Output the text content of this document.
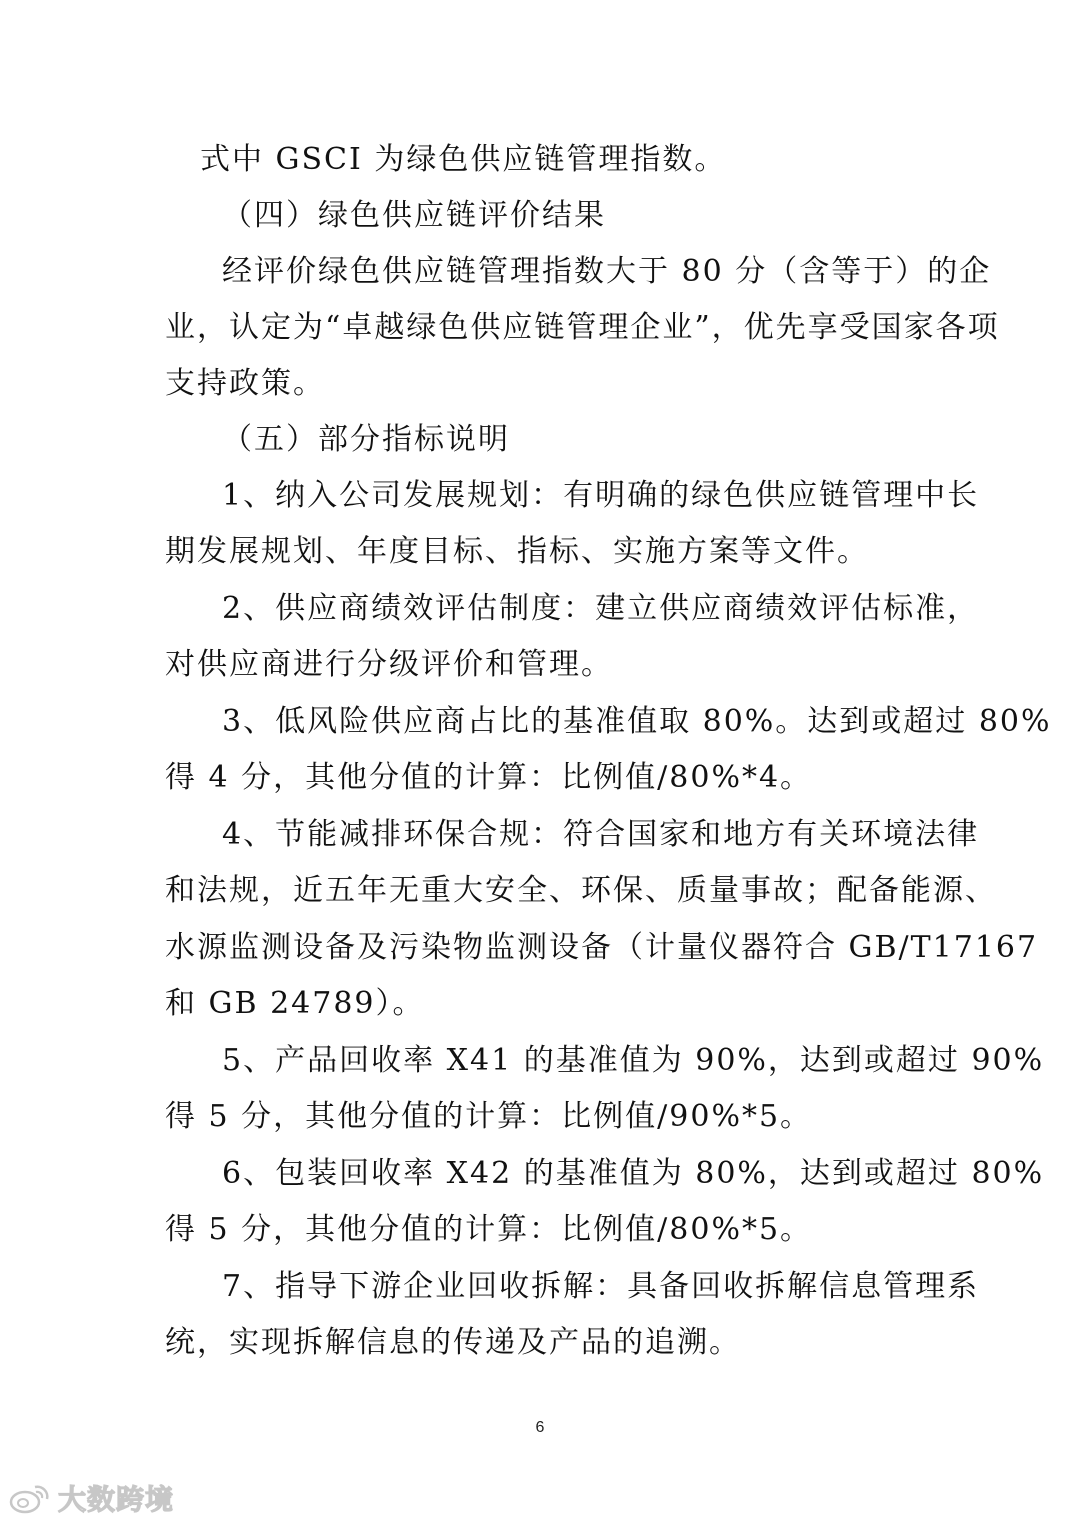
式中 GSCI 为绿色供应链管理指数。
（四）绿色供应链评价结果
经评价绿色供应链管理指数大于 80 分（含等于）的企
业，认定为“卓越绿色供应链管理企业”，优先享受国家各项
支持政策。
（五）部分指标说明
1、纳入公司发展规划：有明确的绿色供应链管理中长
期发展规划、年度目标、指标、实施方案等文件。
2、供应商绩效评估制度：建立供应商绩效评估标准，
对供应商进行分级评价和管理。
3、低风险供应商占比的基准值取 80%。达到或超过 80%
得 4 分，其他分值的计算：比例值/80%*4。
4、节能减排环保合规：符合国家和地方有关环境法律
和法规，近五年无重大安全、环保、质量事故；配备能源、
水源监测设备及污染物监测设备（计量仪器符合 GB/T17167
和 GB 24789）。
5、产品回收率 X41 的基准值为 90%，达到或超过 90%
得 5 分，其他分值的计算：比例值/90%*5。
6、包装回收率 X42 的基准值为 80%，达到或超过 80%
得 5 分，其他分值的计算：比例值/80%*5。
7、指导下游企业回收拆解：具备回收拆解信息管理系
统，实现拆解信息的传递及产品的追溯。
6
大数跨境
